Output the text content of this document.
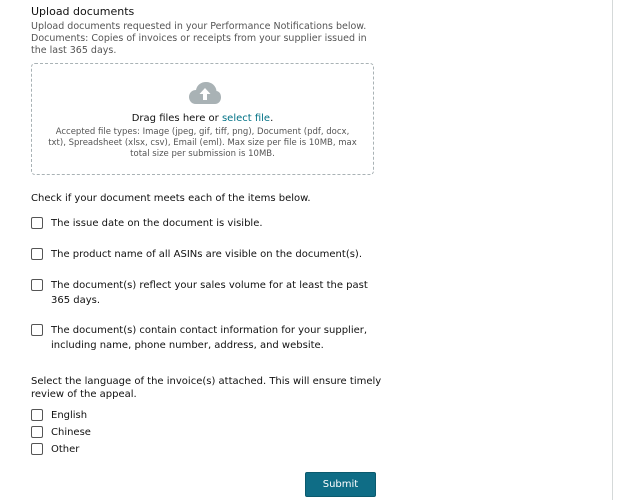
Upload documents
Upload documents requested in your Performance Notifications below.
Documents: Copies of invoices or receipts from your supplier issued in the last 365 days.
Drag files here or select file.
Accepted file types: Image (jpeg, gif, tiff, png), Document (pdf, docx, txt), Spreadsheet (xlsx, csv), Email (eml). Max size per file is 10MB, max total size per submission is 10MB.
Check if your document meets each of the items below.
The issue date on the document is visible.
The product name of all ASINs are visible on the document(s).
The document(s) reflect your sales volume for at least the past 365 days.
The document(s) contain contact information for your supplier, including name, phone number, address, and website.
Select the language of the invoice(s) attached. This will ensure timely review of the appeal.
English
Chinese
Other
Submit
